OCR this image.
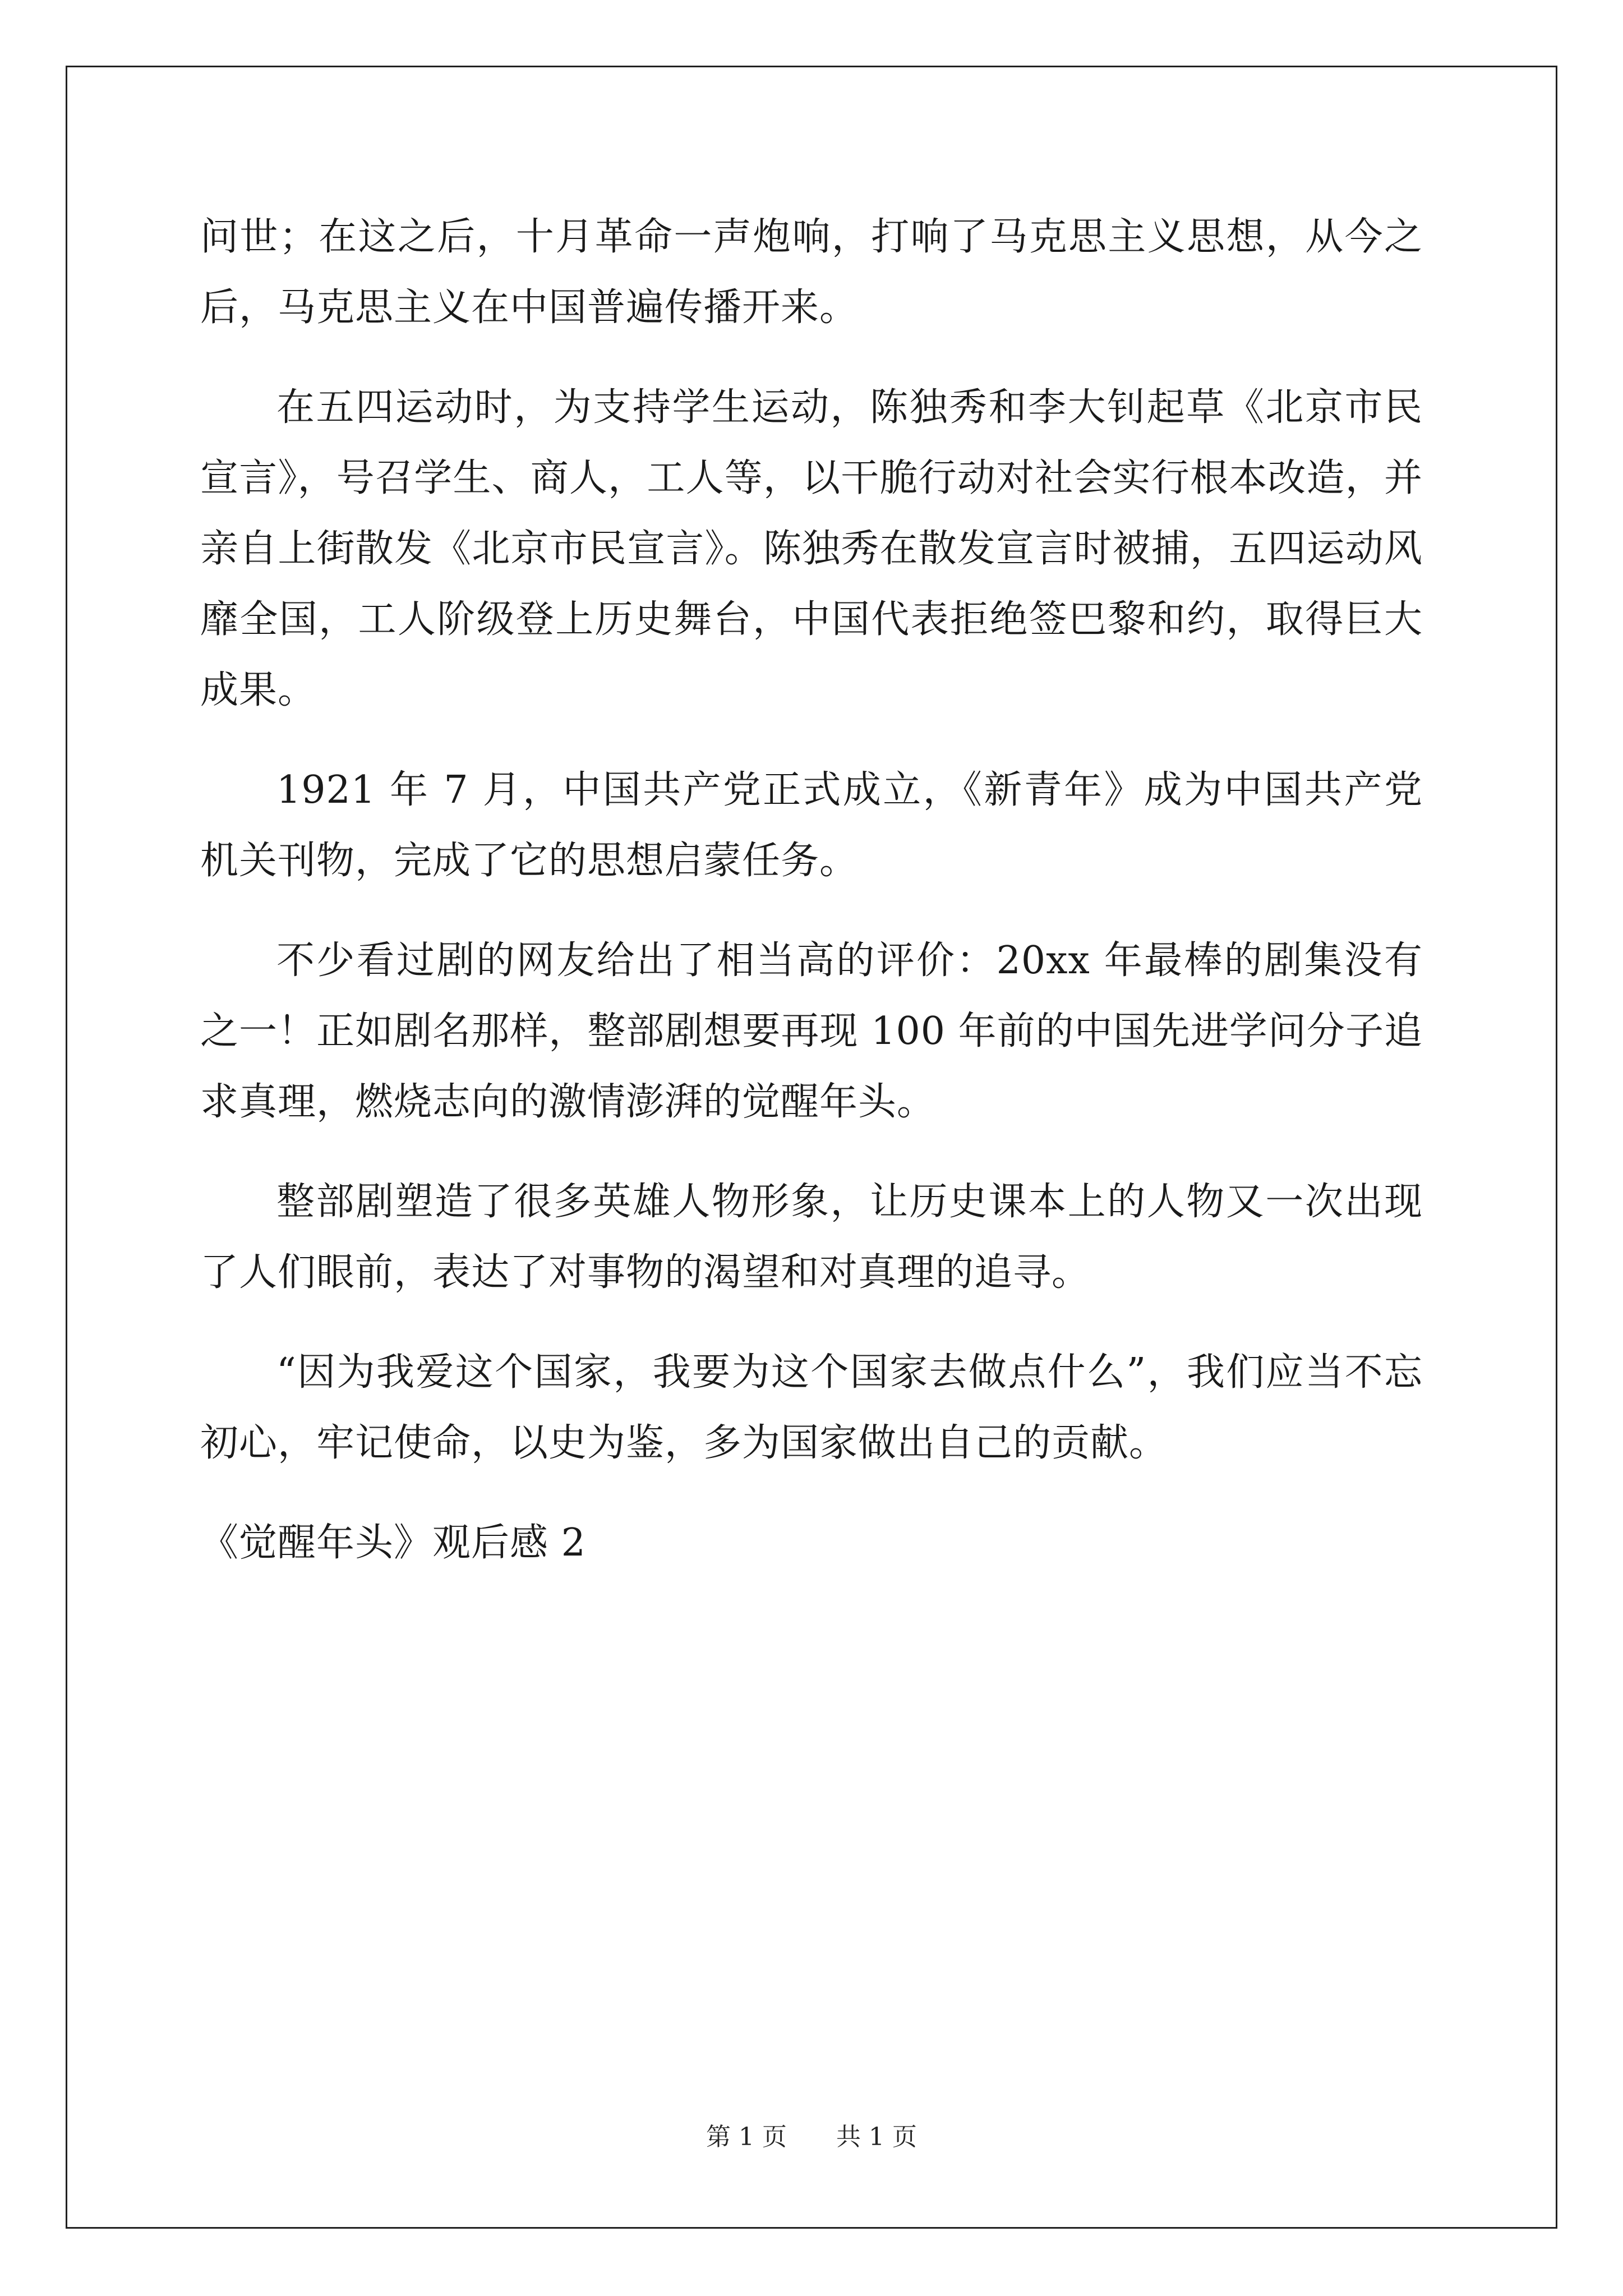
问世；在这之后，十月革命一声炮响，打响了马克思主义思想，从今之后，马克思主义在中国普遍传播开来。

在五四运动时，为支持学生运动，陈独秀和李大钊起草《北京市民宣言》，号召学生、商人，工人等，以干脆行动对社会实行根本改造，并亲自上街散发《北京市民宣言》。陈独秀在散发宣言时被捕，五四运动风靡全国，工人阶级登上历史舞台，中国代表拒绝签巴黎和约，取得巨大成果。

1921 年 7 月，中国共产党正式成立，《新青年》成为中国共产党机关刊物，完成了它的思想启蒙任务。

不少看过剧的网友给出了相当高的评价：20xx 年最棒的剧集没有之一！正如剧名那样，整部剧想要再现 100 年前的中国先进学问分子追求真理，燃烧志向的激情澎湃的觉醒年头。

整部剧塑造了很多英雄人物形象，让历史课本上的人物又一次出现了人们眼前，表达了对事物的渴望和对真理的追寻。

“因为我爱这个国家，我要为这个国家去做点什么”，我们应当不忘初心，牢记使命，以史为鉴，多为国家做出自己的贡献。

《觉醒年头》观后感 2

第 1 页 共 1 页
